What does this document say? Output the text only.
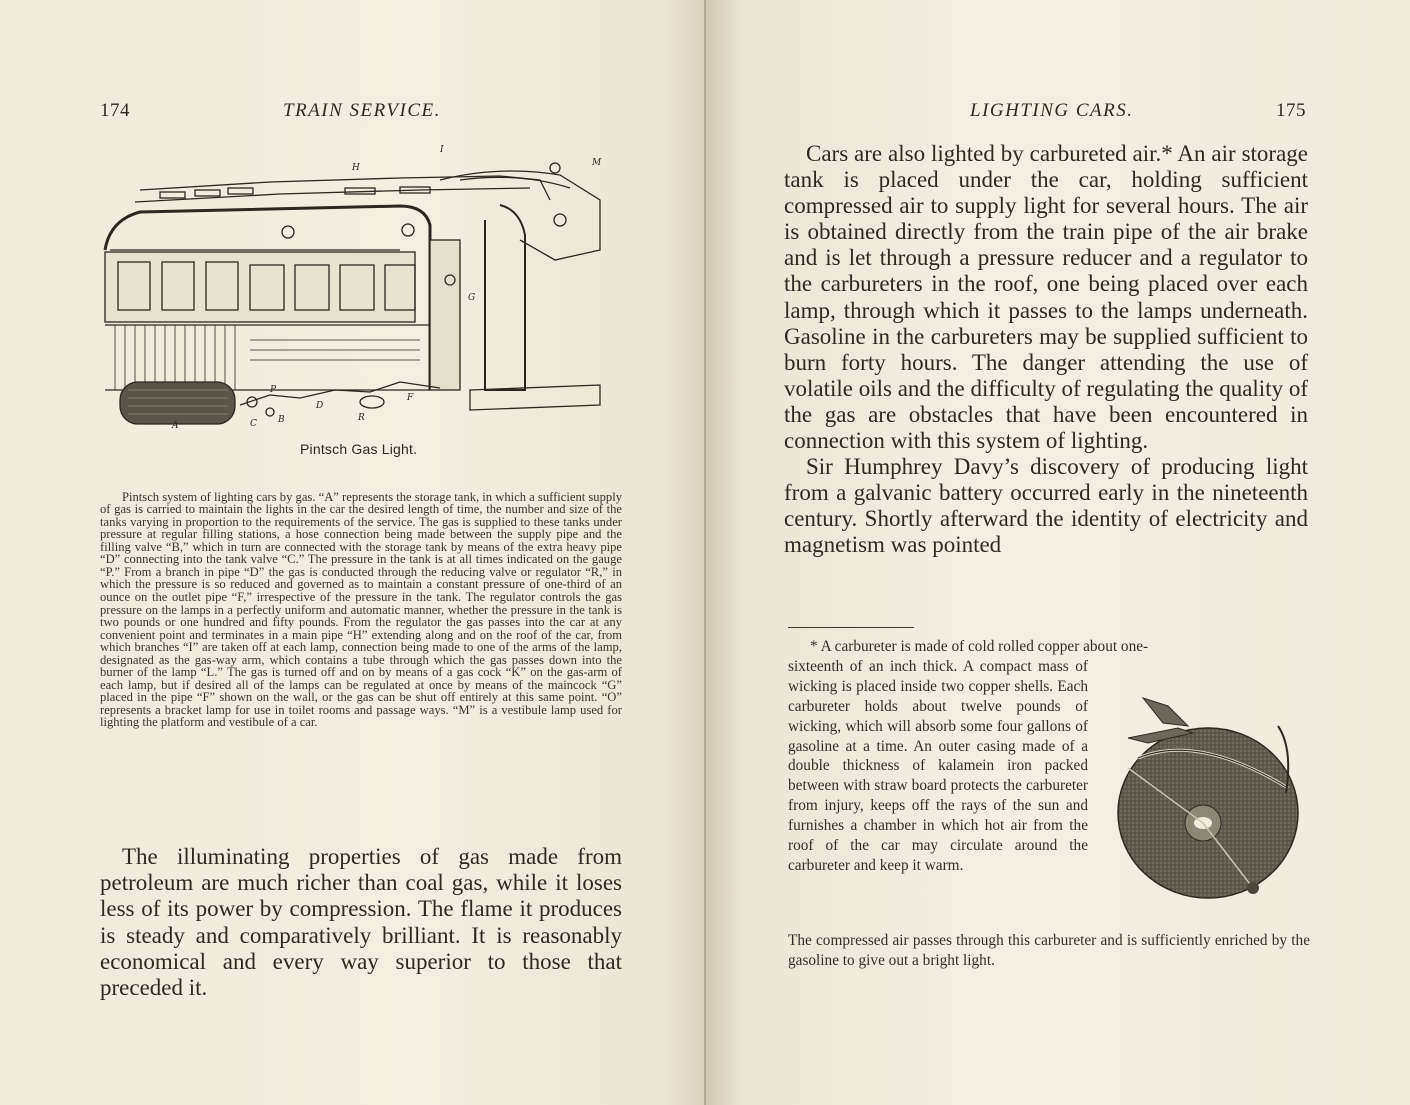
174	TRAIN SERVICE.
A
B
C
D
R
F
G
H
I
M
P
Pintsch Gas Light.

Pintsch system of lighting cars by gas. “A” represents the storage tank, in which a sufficient supply of gas is carried to maintain the lights in the car the desired length of time, the number and size of the tanks varying in proportion to the requirements of the service. The gas is supplied to these tanks under pressure at regular filling stations, a hose connection being made between the supply pipe and the filling valve “B,” which in turn are connected with the storage tank by means of the extra heavy pipe “D” connecting into the tank valve “C.” The pressure in the tank is at all times indicated on the gauge “P.” From a branch in pipe “D” the gas is conducted through the reducing valve or regulator “R,” in which the pressure is so reduced and governed as to maintain a constant pressure of one-third of an ounce on the outlet pipe “F,” irrespective of the pressure in the tank. The regulator controls the gas pressure on the lamps in a perfectly uniform and automatic manner, whether the pressure in the tank is two pounds or one hundred and fifty pounds. From the regulator the gas passes into the car at any convenient point and terminates in a main pipe “H” extending along and on the roof of the car, from which branches “I” are taken off at each lamp, connection being made to one of the arms of the lamp, designated as the gas-way arm, which contains a tube through which the gas passes down into the burner of the lamp “L.” The gas is turned off and on by means of a gas cock “K” on the gas-arm of each lamp, but if desired all of the lamps can be regulated at once by means of the maincock “G” placed in the pipe “F” shown on the wall, or the gas can be shut off entirely at this same point. “O” represents a bracket lamp for use in toilet rooms and passage ways. “M” is a vestibule lamp used for lighting the platform and vestibule of a car.

The illuminating properties of gas made from petroleum are much richer than coal gas, while it loses less of its power by compression. The flame it produces is steady and comparatively brilliant. It is reasonably economical and every way superior to those that preceded it.

LIGHTING CARS.	175

Cars are also lighted by carbureted air.* An air storage tank is placed under the car, holding sufficient compressed air to supply light for several hours. The air is obtained directly from the train pipe of the air brake and is let through a pressure reducer and a regulator to the carbureters in the roof, one being placed over each lamp, through which it passes to the lamps underneath. Gasoline in the carbureters may be supplied sufficient to burn forty hours. The danger attending the use of volatile oils and the difficulty of regulating the quality of the gas are obstacles that have been encountered in connection with this system of lighting.

Sir Humphrey Davy’s discovery of producing light from a galvanic battery occurred early in the nineteenth century. Shortly afterward the identity of electricity and magnetism was pointed

* A carbureter is made of cold rolled copper about one-
sixteenth of an inch thick. A compact mass of wicking is placed inside two copper shells. Each carbureter holds about twelve pounds of wicking, which will absorb some four gallons of gasoline at a time. An outer casing made of a double thickness of kalamein iron packed between with straw board protects the carbureter from injury, keeps off the rays of the sun and furnishes a chamber in which hot air from the roof of the car may circulate around the carbureter and keep it warm.
The compressed air passes through this carbureter and is sufficiently enriched by the gasoline to give out a bright light.
